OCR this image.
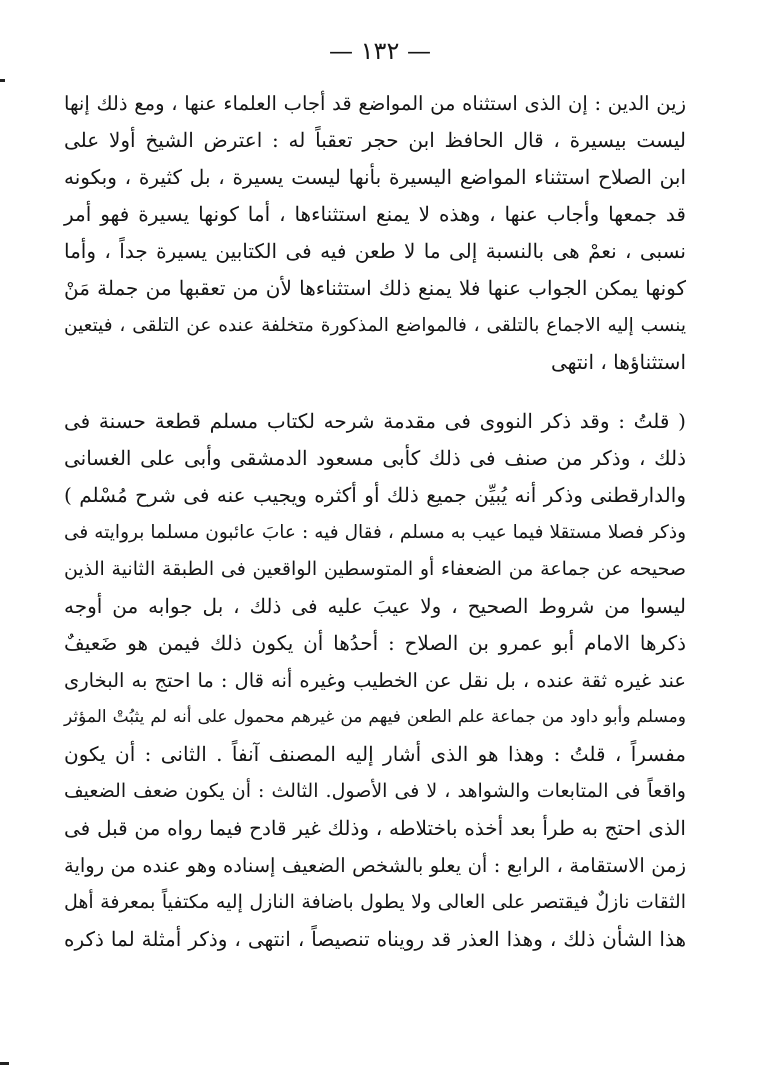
— ١٣٢ —
زين الدين : إن الذى استثناه من المواضع قد أجاب العلماء عنها ، ومع ذلك إنها
ليست بيسيرة ، قال الحافظ ابن حجر تعقباً له : اعترض الشيخ أولا على
ابن الصلاح استثناء المواضع اليسيرة بأنها ليست يسيرة ، بل كثيرة ، وبكونه
قد جمعها وأجاب عنها ، وهذه لا يمنع استثناءها ، أما كونها يسيرة فهو أمر
نسبى ، نعمْ هى بالنسبة إلى ما لا طعن فيه فى الكتابين يسيرة جداً ، وأما
كونها يمكن الجواب عنها فلا يمنع ذلك استثناءها لأن من تعقبها من جملة مَنْ
ينسب إليه الاجماع بالتلقى ، فالمواضع المذكورة متخلفة عنده عن التلقى ، فيتعين
استثناؤها ، انتهى
( قلتُ : وقد ذكر النووى فى مقدمة شرحه لكتاب مسلم قطعة حسنة فى
ذلك ، وذكر من صنف فى ذلك كأبى مسعود الدمشقى وأبى على الغسانى
والدارقطنى وذكر أنه يُبيِّن جميع ذلك أو أكثره ويجيب عنه فى شرح مُسْلم )
وذكر فصلا مستقلا فيما عيب به مسلم ، فقال فيه : عابَ عائبون مسلما بروايته فى
صحيحه عن جماعة من الضعفاء أو المتوسطين الواقعين فى الطبقة الثانية الذين
ليسوا من شروط الصحيح ، ولا عيبَ عليه فى ذلك ، بل جوابه من أوجه
ذكرها الامام أبو عمرو بن الصلاح : أحدُها أن يكون ذلك فيمن هو ضَعيفٌ
عند غيره ثقة عنده ، بل نقل عن الخطيب وغيره أنه قال : ما احتج به البخارى
ومسلم وأبو داود من جماعة علم الطعن فيهم من غيرهم محمول على أنه لم يثبُتْ المؤثر
مفسراً ، قلتُ : وهذا هو الذى أشار إليه المصنف آنفاً . الثانى : أن يكون
واقعاً فى المتابعات والشواهد ، لا فى الأصول. الثالث : أن يكون ضعف الضعيف
الذى احتج به طرأ بعد أخذه باختلاطه ، وذلك غير قادح فيما رواه من قبل فى
زمن الاستقامة ، الرابع : أن يعلو بالشخص الضعيف إسناده وهو عنده من رواية
الثقات نازلٌ فيقتصر على العالى ولا يطول باضافة النازل إليه مكتفياً بمعرفة أهل
هذا الشأن ذلك ، وهذا العذر قد رويناه تنصيصاً ، انتهى ، وذكر أمثلة لما ذكره
